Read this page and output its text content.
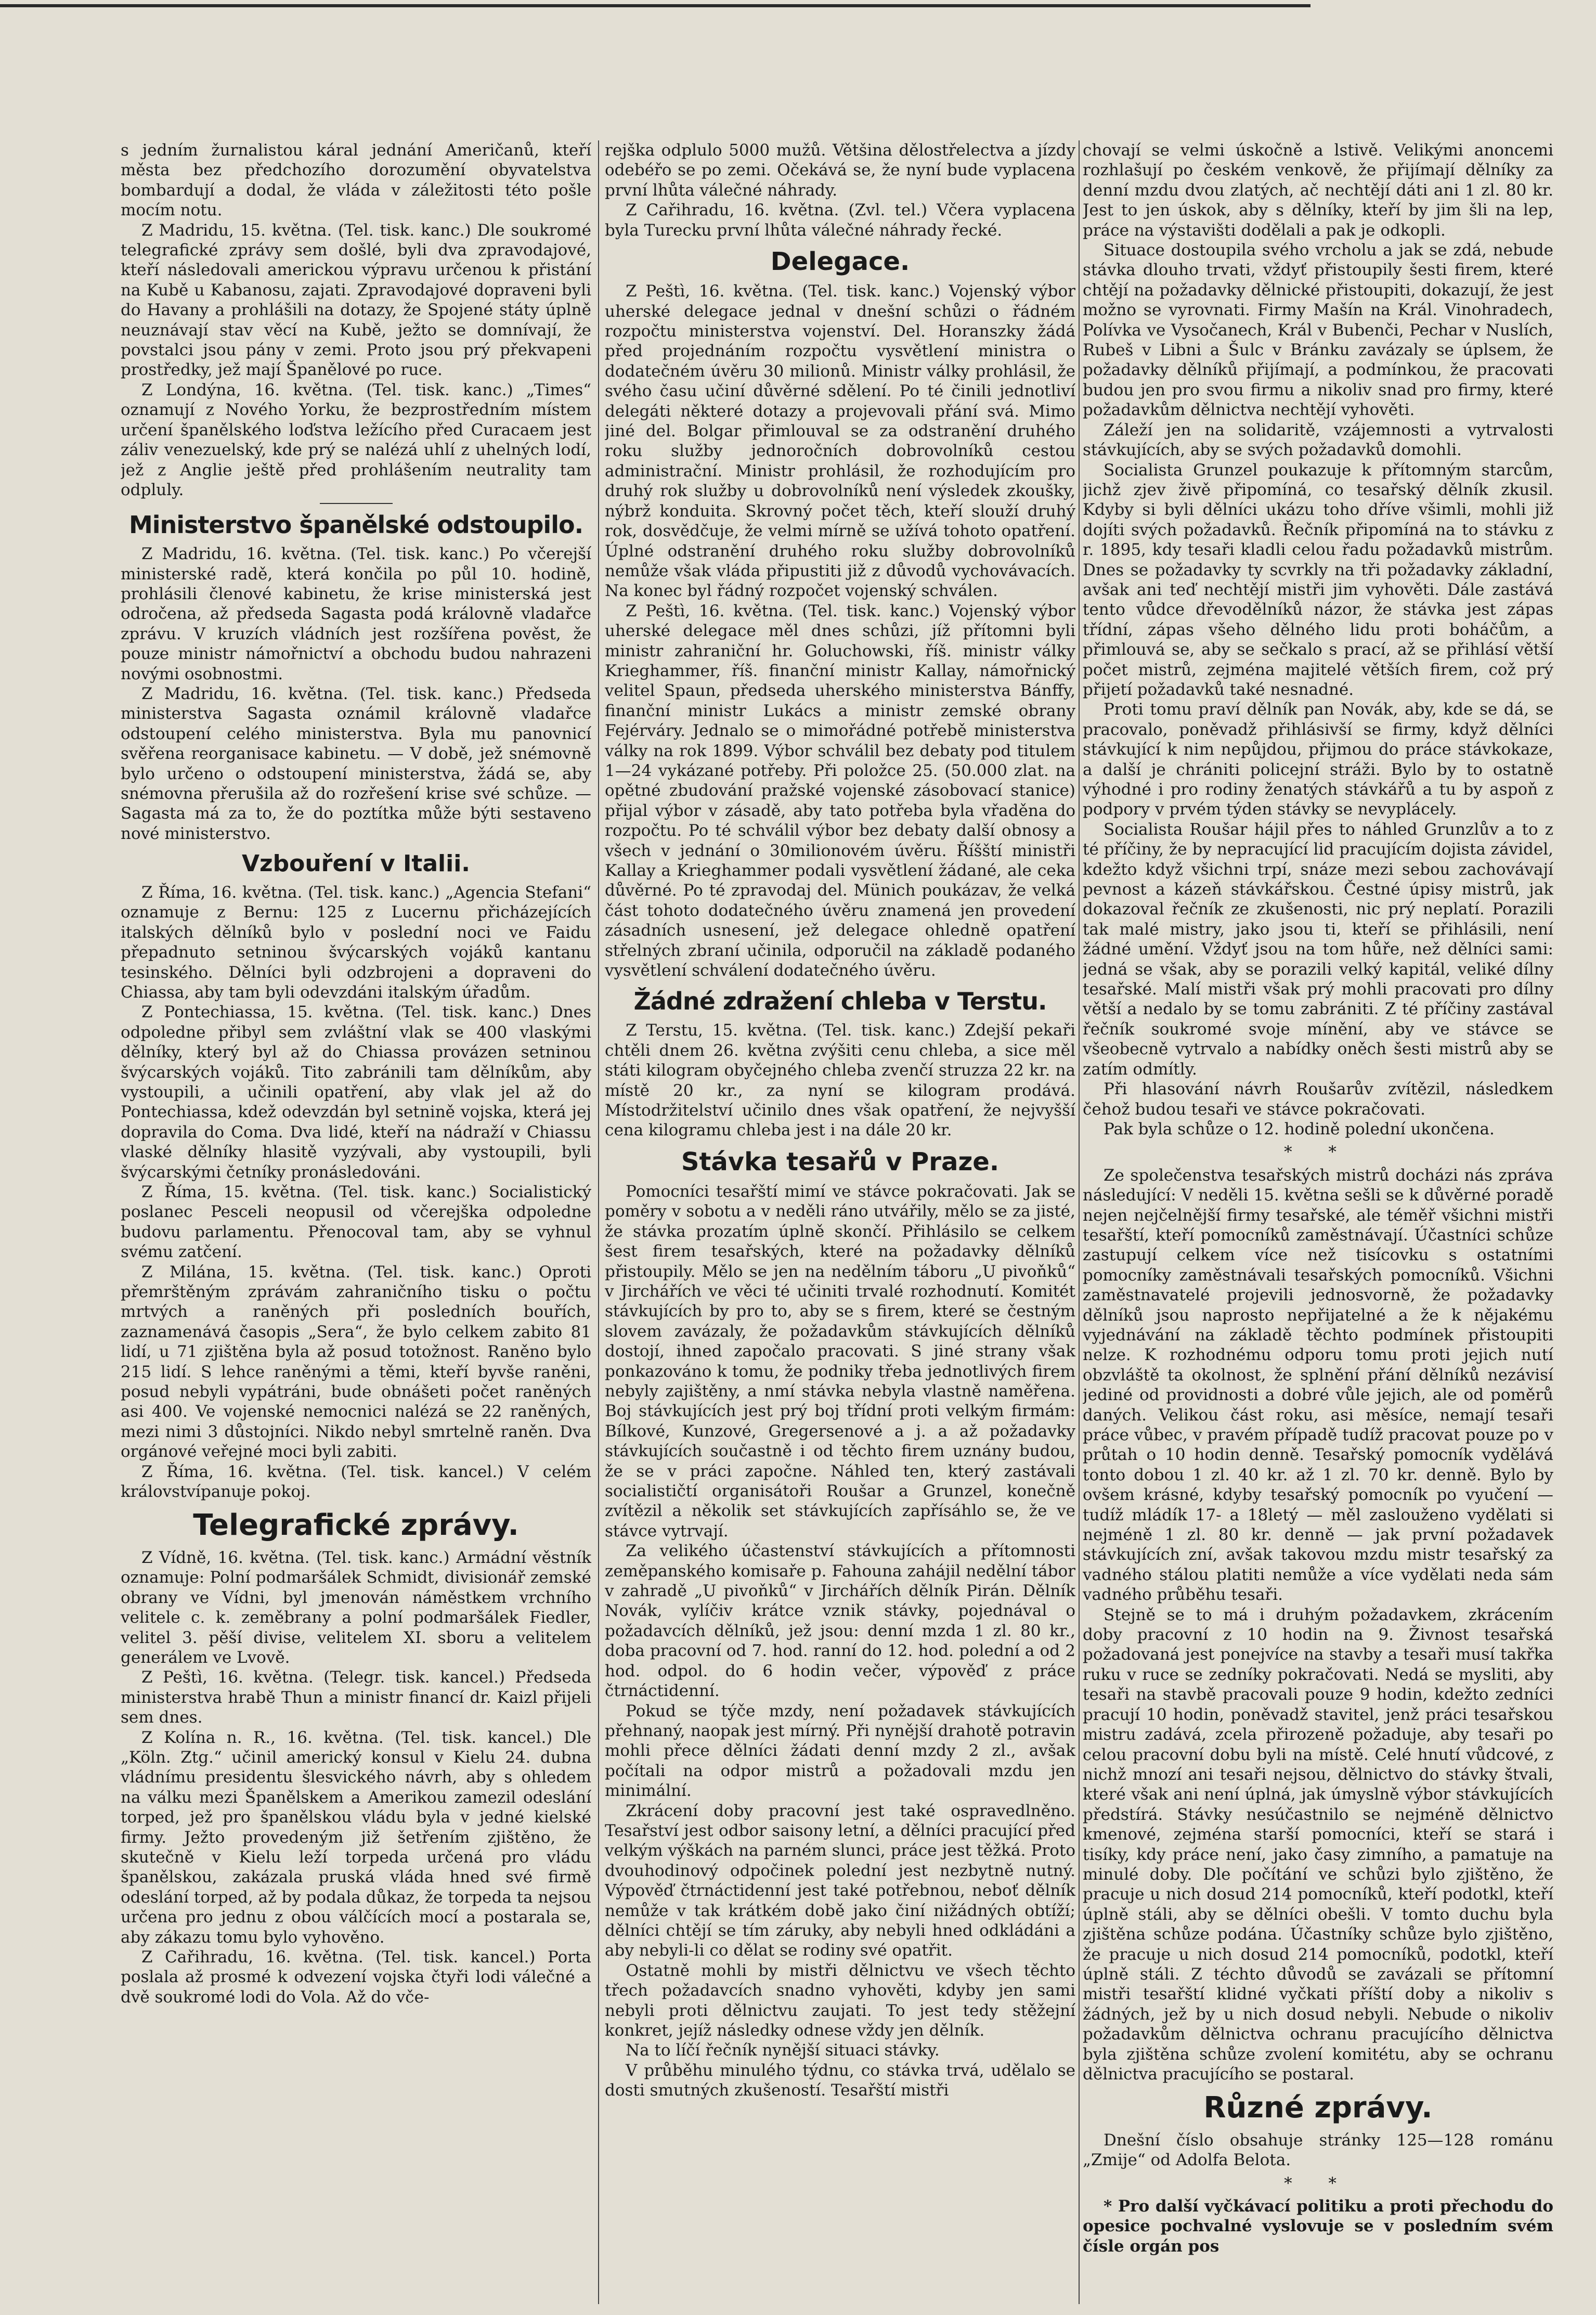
s jedním žurnalistou káral jednání Američanů, kteří města bez předchozího dorozumění obyvatelstva bombardují a dodal, že vláda v záležitosti této pošle mocím notu.

Z Madridu, 15. května. (Tel. tisk. kanc.) Dle soukromé telegrafické zprávy sem došlé, byli dva zpravodajové, kteří následovali americkou výpravu určenou k přistání na Kubě u Kabanosu, zajati. Zpravodajové dopraveni byli do Havany a prohlášili na dotazy, že Spojené státy úplně neuznávají stav věcí na Kubě, ježto se domnívají, že povstalci jsou pány v zemi. Proto jsou prý překvapeni prostředky, jež mají Španělové po ruce.

Z Londýna, 16. května. (Tel. tisk. kanc.) „Times“ oznamují z Nového Yorku, že bezprostředním místem určení španělského loďstva ležícího před Curacaem jest záliv venezuelský, kde prý se nalézá uhlí z uhelných lodí, jež z Anglie ještě před prohlášením neutrality tam odpluly.

Ministerstvo španělské odstoupilo.

Z Madridu, 16. května. (Tel. tisk. kanc.) Po včerejší ministerské radě, která končila po půl 10. hodině, prohlásili členové kabinetu, že krise ministerská jest odročena, až předseda Sagasta podá královně vladařce zprávu. V kruzích vládních jest rozšířena pověst, že pouze ministr námořnictví a obchodu budou nahrazeni novými osobnostmi.

Z Madridu, 16. května. (Tel. tisk. kanc.) Předseda ministerstva Sagasta oznámil královně vladařce odstoupení celého ministerstva. Byla mu panovnicí svěřena reorganisace kabinetu. — V době, jež snémovně bylo určeno o odstoupení ministerstva, žádá se, aby snémovna přerušila až do rozřešení krise své schůze. — Sagasta má za to, že do poztítka může býti sestaveno nové ministerstvo.

Vzbouření v Italii.

Z Říma, 16. května. (Tel. tisk. kanc.) „Agencia Stefani“ oznamuje z Bernu: 125 z Lucernu přicházejících italských dělníků bylo v poslední noci ve Faidu přepadnuto setninou švýcarských vojáků kantanu tesinského. Dělníci byli odzbrojeni a dopraveni do Chiassa, aby tam byli odevzdáni italským úřadům.

Z Pontechiassa, 15. května. (Tel. tisk. kanc.) Dnes odpoledne přibyl sem zvláštní vlak se 400 vlaskými dělníky, který byl až do Chiassa provázen setninou švýcarských vojáků. Tito zabránili tam dělníkům, aby vystoupili, a učinili opatření, aby vlak jel až do Pontechiassa, kdež odevzdán byl setnině vojska, která jej dopravila do Coma. Dva lidé, kteří na nádraží v Chiassu vlaské dělníky hlasitě vyzývali, aby vystoupili, byli švýcarskými četníky pronásledováni.

Z Říma, 15. května. (Tel. tisk. kanc.) Socialistický poslanec Pesceli neopusil od včerejška odpoledne budovu parlamentu. Přenocoval tam, aby se vyhnul svému zatčení.

Z Milána, 15. května. (Tel. tisk. kanc.) Oproti přemrštěným zprávám zahraničního tisku o počtu mrtvých a raněných při posledních bouřích, zaznamenává časopis „Sera“, že bylo celkem zabito 81 lidí, u 71 zjištěna byla až posud totožnost. Raněno bylo 215 lidí. S lehce raněnými a těmi, kteří byvše raněni, posud nebyli vypátráni, bude obnášeti počet raněných asi 400. Ve vojenské nemocnici nalézá se 22 raněných, mezi nimi 3 důstojníci. Nikdo nebyl smrtelně raněn. Dva orgánové veřejné moci byli zabiti.

Z Říma, 16. května. (Tel. tisk. kancel.) V celém královstvípanuje pokoj.

Telegrafické zprávy.

Z Vídně, 16. května. (Tel. tisk. kanc.) Armádní věstník oznamuje: Polní podmaršálek Schmidt, divisionář zemské obrany ve Vídni, byl jmenován náměstkem vrchního velitele c. k. zeměbrany a polní podmaršálek Fiedler, velitel 3. pěší divise, velitelem XI. sboru a velitelem generálem ve Lvově.

Z Peštì, 16. května. (Telegr. tisk. kancel.) Předseda ministerstva hrabě Thun a ministr financí dr. Kaizl přijeli sem dnes.

Z Kolína n. R., 16. května. (Tel. tisk. kancel.) Dle „Köln. Ztg.“ učinil americký konsul v Kielu 24. dubna vládnímu presidentu šlesvického návrh, aby s ohledem na válku mezi Španělskem a Amerikou zamezil odeslání torped, jež pro španělskou vládu byla v jedné kielské firmy. Ježto provedeným již šetřením zjištěno, že skutečně v Kielu leží torpeda určená pro vládu španělskou, zakázala pruská vláda hned své firmě odeslání torped, až by podala důkaz, že torpeda ta nejsou určena pro jednu z obou válčících mocí a postarala se, aby zákazu tomu bylo vyhověno.

Z Cařihradu, 16. května. (Tel. tisk. kancel.) Porta poslala až prosmé k odvezení vojska čtyři lodi válečné a dvě soukromé lodi do Vola. Až do vče-

rejška odplulo 5000 mužů. Většina dělostřelectva a jízdy odebéřo se po zemi. Očekává se, že nyní bude vyplacena první lhůta válečné náhrady.

Z Cařihradu, 16. května. (Zvl. tel.) Včera vyplacena byla Turecku první lhůta válečné náhrady řecké.

Delegace.

Z Peštì, 16. května. (Tel. tisk. kanc.) Vojenský výbor uherské delegace jednal v dnešní schůzi o řádném rozpočtu ministerstva vojenství. Del. Horanszky žádá před projednáním rozpočtu vysvětlení ministra o dodatečném úvěru 30 milionů. Ministr války prohlásil, že svého času učiní důvěrné sdělení. Po té činili jednotliví delegáti některé dotazy a projevovali přání svá. Mimo jiné del. Bolgar přimlouval se za odstranění druhého roku služby jednoročních dobrovolníků cestou administrační. Ministr prohlásil, že rozhodujícím pro druhý rok služby u dobrovolníků není výsledek zkoušky, nýbrž konduita. Skrovný počet těch, kteří slouží druhý rok, dosvědčuje, že velmi mírně se užívá tohoto opatření. Úplné odstranění druhého roku služby dobrovolníků nemůže však vláda připustiti již z důvodů vychovávacích. Na konec byl řádný rozpočet vojenský schválen.

Z Peštì, 16. května. (Tel. tisk. kanc.) Vojenský výbor uherské delegace měl dnes schůzi, jíž přítomni byli ministr zahraniční hr. Goluchowski, říš. ministr války Krieghammer, říš. finanční ministr Kallay, námořnický velitel Spaun, předseda uherského ministerstva Bánffy, finanční ministr Lukács a ministr zemské obrany Fejérváry. Jednalo se o mimořádné potřebě ministerstva války na rok 1899. Výbor schválil bez debaty pod titulem 1—24 vykázané potřeby. Při položce 25. (50.000 zlat. na opětné zbudování pražské vojenské zásobovací stanice) přijal výbor v zásadě, aby tato potřeba byla vřaděna do rozpočtu. Po té schválil výbor bez debaty další obnosy a všech v jednání o 30milionovém úvěru. Říšští ministři Kallay a Krieghammer podali vysvětlení žádané, ale ceka důvěrné. Po té zpravodaj del. Münich poukázav, že velká část tohoto dodatečného úvěru znamená jen provedení zásadních usnesení, jež delegace ohledně opatření střelných zbraní učinila, odporučil na základě podaného vysvětlení schválení dodatečného úvěru.

Žádné zdražení chleba v Terstu.

Z Terstu, 15. května. (Tel. tisk. kanc.) Zdejší pekaři chtěli dnem 26. května zvýšiti cenu chleba, a sice měl státi kilogram obyčejného chleba zvenčí struzza 22 kr. na místě 20 kr., za nyní se kilogram prodává. Místodržitelství učinilo dnes však opatření, že nejvyšší cena kilogramu chleba jest i na dále 20 kr.

Stávka tesařů v Praze.

Pomocníci tesařští mimí ve stávce pokračovati. Jak se poměry v sobotu a v neděli ráno utvářily, mělo se za jisté, že stávka prozatím úplně skončí. Přihlásilo se celkem šest firem tesařských, které na požadavky dělníků přistoupily. Mělo se jen na nedělním táboru „U pivoňků“ v Jirchářích ve věci té učiniti trvalé rozhodnutí. Komitét stávkujících by pro to, aby se s firem, které se čestným slovem zavázaly, že požadavkům stávkujících dělníků dostojí, ihned započalo pracovati. S jiné strany však ponkazováno k tomu, že podniky třeba jednotlivých firem nebyly zajištěny, a nmí stávka nebyla vlastně naměřena. Boj stávkujících jest prý boj třídní proti velkým firmám: Bílkové, Kunzové, Gregersenové a j. a až požadavky stávkujících součastně i od těchto firem uznány budou, že se v práci započne. Náhled ten, který zastávali socialističtí organisátoři Roušar a Grunzel, konečně zvítězil a několik set stávkujících zapřísáhlo se, že ve stávce vytrvají.

Za velikého účastenství stávkujících a přítomnosti zeměpanského komisaře p. Fahouna zahájil nedělní tábor v zahradě „U pivoňků“ v Jirchářích dělník Pirán. Dělník Novák, vylíčiv krátce vznik stávky, pojednával o požadavcích dělníků, jež jsou: denní mzda 1 zl. 80 kr., doba pracovní od 7. hod. ranní do 12. hod. polední a od 2 hod. odpol. do 6 hodin večer, výpověď z práce čtrnáctidenní.

Pokud se týče mzdy, není požadavek stávkujících přehnaný, naopak jest mírný. Při nynější drahotě potravin mohli přece dělníci žádati denní mzdy 2 zl., avšak počítali na odpor mistrů a požadovali mzdu jen minimální.

Zkrácení doby pracovní jest také ospravedlněno. Tesařství jest odbor saisony letní, a dělníci pracující před velkým výškách na parném slunci, práce jest těžká. Proto dvouhodinový odpočinek polední jest nezbytně nutný. Výpověď čtrnáctidenní jest také potřebnou, neboť dělník nemůže v tak krátkém době jako činí nižádných obtíží; dělníci chtějí se tím záruky, aby nebyli hned odkládáni a aby nebyli-li co dělat se rodiny své opatřit.

Ostatně mohli by mistři dělnictvu ve všech těchto třech požadavcích snadno vyhověti, kdyby jen sami nebyli proti dělnictvu zaujati. To jest tedy stěžejní konkret, jejíž následky odnese vždy jen dělník.

Na to líčí řečník nynější situaci stávky.

V průběhu minulého týdnu, co stávka trvá, udělalo se dosti smutných zkušeností. Tesařští mistři

chovají se velmi úskočně a lstivě. Velikými anoncemi rozhlašují po českém venkově, že přijímají dělníky za denní mzdu dvou zlatých, ač nechtějí dáti ani 1 zl. 80 kr. Jest to jen úskok, aby s dělníky, kteří by jim šli na lep, práce na výstavišti dodělali a pak je odkopli.

Situace dostoupila svého vrcholu a jak se zdá, nebude stávka dlouho trvati, vždyť přistoupily šesti firem, které chtějí na požadavky dělnické přistoupiti, dokazují, že jest možno se vyrovnati. Firmy Mašín na Král. Vinohradech, Polívka ve Vysočanech, Král v Bubenči, Pechar v Nuslích, Rubeš v Libni a Šulc v Bránku zavázaly se úplsem, že požadavky dělníků přijímají, a podmínkou, že pracovati budou jen pro svou firmu a nikoliv snad pro firmy, které požadavkům dělnictva nechtějí vyhověti.

Záleží jen na solidaritě, vzájemnosti a vytrvalosti stávkujících, aby se svých požadavků domohli.

Socialista Grunzel poukazuje k přítomným starcům, jichž zjev živě připomíná, co tesařský dělník zkusil. Kdyby si byli dělníci ukázu toho dříve všimli, mohli již dojíti svých požadavků. Řečník připomíná na to stávku z r. 1895, kdy tesaři kladli celou řadu požadavků mistrům. Dnes se požadavky ty scvrkly na tři požadavky základní, avšak ani teď nechtějí mistři jim vyhověti. Dále zastává tento vůdce dřevodělníků názor, že stávka jest zápas třídní, zápas všeho dělného lidu proti boháčům, a přimlouvá se, aby se sečkalo s prací, až se přihlásí větší počet mistrů, zejména majitelé větších firem, což prý přijetí požadavků také nesnadné.

Proti tomu praví dělník pan Novák, aby, kde se dá, se pracovalo, poněvadž přihlásivší se firmy, když dělníci stávkující k nim nepůjdou, přijmou do práce stávkokaze, a další je chrániti policejní stráži. Bylo by to ostatně výhodné i pro rodiny ženatých stávkářů a tu by aspoň z podpory v prvém týden stávky se nevyplácely.

Socialista Roušar hájil přes to náhled Grunzlův a to z té příčiny, že by nepracující lid pracujícím dojista závidel, kdežto když všichni trpí, snáze mezi sebou zachovávají pevnost a kázeň stávkářskou. Čestné úpisy mistrů, jak dokazoval řečník ze zkušenosti, nic prý neplatí. Porazili tak malé mistry, jako jsou ti, kteří se přihlásili, není žádné umění. Vždyť jsou na tom hůře, než dělníci sami: jedná se však, aby se porazili velký kapitál, veliké dílny tesařské. Malí mistři však prý mohli pracovati pro dílny větší a nedalo by se tomu zabrániti. Z té příčiny zastával řečník soukromé svoje mínění, aby ve stávce se všeobecně vytrvalo a nabídky oněch šesti mistrů aby se zatím odmítly.

Při hlasování návrh Roušarův zvítězil, následkem čehož budou tesaři ve stávce pokračovati.

Pak byla schůze o 12. hodině polední ukončena.

* *

Ze společenstva tesařských mistrů docházi nás zpráva následující: V neděli 15. května sešli se k důvěrné poradě nejen nejčelnější firmy tesařské, ale téměř všichni mistři tesařští, kteří pomocníků zaměstnávají. Účastníci schůze zastupují celkem více než tisícovku s ostatními pomocníky zaměstnávali tesařských pomocníků. Všichni zaměstnavatelé projevili jednosvorně, že požadavky dělníků jsou naprosto nepřijatelné a že k nějakému vyjednávání na základě těchto podmínek přistoupiti nelze. K rozhodnému odporu tomu proti jejich nutí obzvláště ta okolnost, že splnění přání dělníků nezávisí jediné od providnosti a dobré vůle jejich, ale od poměrů daných. Velikou část roku, asi měsíce, nemají tesaři práce vůbec, v pravém případě tudíž pracovat pouze po v průtah o 10 hodin denně. Tesařský pomocník vydělává tonto dobou 1 zl. 40 kr. až 1 zl. 70 kr. denně. Bylo by ovšem krásné, kdyby tesařský pomocník po vyučení — tudíž mládík 17- a 18letý — měl zaslouženo vydělati si nejméně 1 zl. 80 kr. denně — jak první požadavek stávkujících zní, avšak takovou mzdu mistr tesařský za vadného stálou platiti nemůže a více vydělati neda sám vadného průběhu tesaři.

Stejně se to má i druhým požadavkem, zkrácením doby pracovní z 10 hodin na 9. Živnost tesařská požadovaná jest ponejvíce na stavby a tesaři musí takřka ruku v ruce se zedníky pokračovati. Nedá se mysliti, aby tesaři na stavbě pracovali pouze 9 hodin, kdežto zedníci pracují 10 hodin, poněvadž stavitel, jenž práci tesařskou mistru zadává, zcela přirozeně požaduje, aby tesaři po celou pracovní dobu byli na místě. Celé hnutí vůdcové, z nichž mnozí ani tesaři nejsou, dělnictvo do stávky štvali, které však ani není úplná, jak úmyslně výbor stávkujících předstírá. Stávky nesúčastnilo se nejméně dělnictvo kmenové, zejména starší pomocníci, kteří se stará i tisíky, kdy práce není, jako časy zimního, a pamatuje na minulé doby. Dle počítání ve schůzi bylo zjištěno, že pracuje u nich dosud 214 pomocníků, kteří podotkl, kteří úplně stáli, aby se dělníci obešli. V tomto duchu byla zjištěna schůze podána. Účastníky schůze bylo zjištěno, že pracuje u nich dosud 214 pomocníků, podotkl, kteří úplně stáli. Z téchto důvodů se zavázali se přítomní mistři tesařští klidné vyčkati příští doby a nikoliv s žádných, jež by u nich dosud nebyli. Nebude o nikoliv požadavkům dělnictva ochranu pracujícího dělnictva byla zjištěna schůze zvolení komitétu, aby se ochranu dělnictva pracujícího se postaral.

Různé zprávy.

Dnešní číslo obsahuje stránky 125—128 románu „Zmije“ od Adolfa Belota.

* *

* Pro další vyčkávací politiku a proti přechodu do opesice pochvalné vyslovuje se v posledním svém čísle orgán pos
